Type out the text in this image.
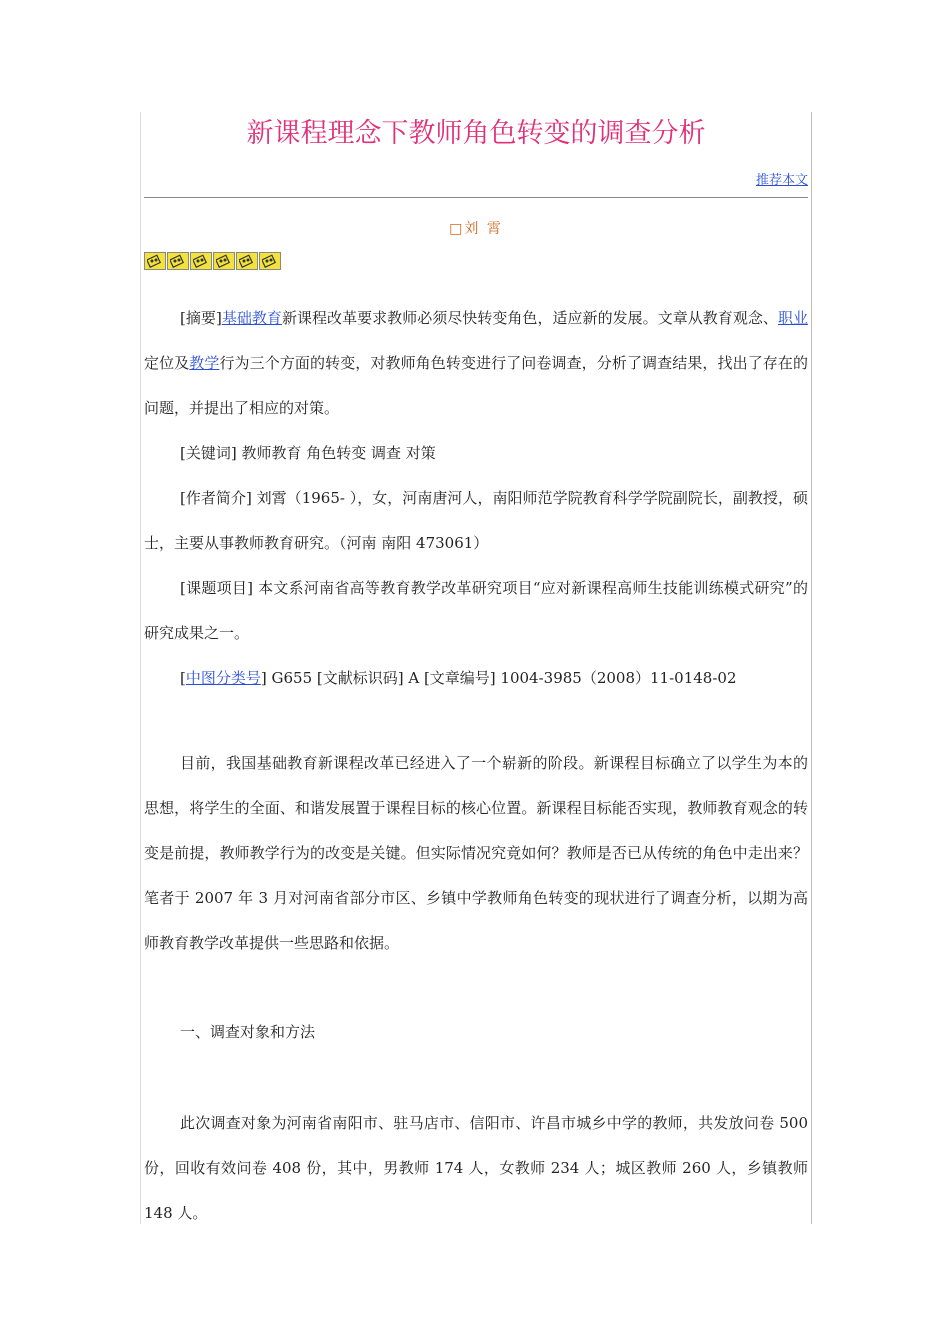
新课程理念下教师角色转变的调查分析
推荐本文
□刘 霄

[摘要]基础教育新课程改革要求教师必须尽快转变角色，适应新的发展。文章从教育观念、职业定位及教学行为三个方面的转变，对教师角色转变进行了问卷调查，分析了调查结果，找出了存在的问题，并提出了相应的对策。

[关键词] 教师教育 角色转变 调查 对策

[作者简介] 刘霄（1965- ），女，河南唐河人，南阳师范学院教育科学学院副院长，副教授，硕士，主要从事教师教育研究。（河南 南阳 473061）

[课题项目] 本文系河南省高等教育教学改革研究项目“应对新课程高师生技能训练模式研究”的研究成果之一。

[中图分类号] G655 [文献标识码] A [文章编号] 1004-3985（2008）11-0148-02

目前，我国基础教育新课程改革已经进入了一个崭新的阶段。新课程目标确立了以学生为本的思想，将学生的全面、和谐发展置于课程目标的核心位置。新课程目标能否实现，教师教育观念的转变是前提，教师教学行为的改变是关键。但实际情况究竟如何？教师是否已从传统的角色中走出来？笔者于 2007 年 3 月对河南省部分市区、乡镇中学教师角色转变的现状进行了调查分析，以期为高师教育教学改革提供一些思路和依据。

一、调查对象和方法

此次调查对象为河南省南阳市、驻马店市、信阳市、许昌市城乡中学的教师，共发放问卷 500 份，回收有效问卷 408 份，其中，男教师 174 人，女教师 234 人；城区教师 260 人，乡镇教师 148 人。
